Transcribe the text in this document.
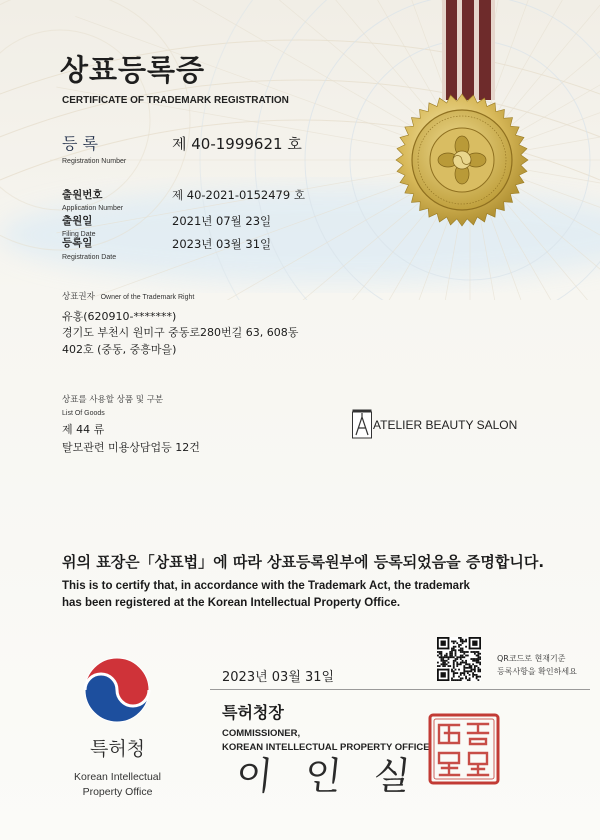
상표등록증
CERTIFICATE OF TRADEMARK REGISTRATION
등 록
Registration Number
제 40-1999621 호
출원번호
Application Number
제 40-2021-0152479 호
출원일
Filing Date
2021년 07월 23일
등록일
Registration Date
2023년 03월 31일
상표권자 Owner of the Trademark Right
유홍(620910-*******)
경기도 부천시 원미구 중동로280번길 63, 608동
402호 (중동, 중흥마을)
상표를 사용할 상품 및 구분
List Of Goods
제 44 류
탈모관련 미용상담업등 12건
ATELIER BEAUTY SALON
위의 표장은「상표법」에 따라 상표등록원부에 등록되었음을 증명합니다.
This is to certify that, in accordance with the Trademark Act, the trademark
has been registered at the Korean Intellectual Property Office.
QR코드로 현재기준
등록사항을 확인하세요
2023년 03월 31일
특허청장
COMMISSIONER,
KOREAN INTELLECTUAL PROPERTY OFFICE
이 인 실
특허청
Korean Intellectual
Property Office
